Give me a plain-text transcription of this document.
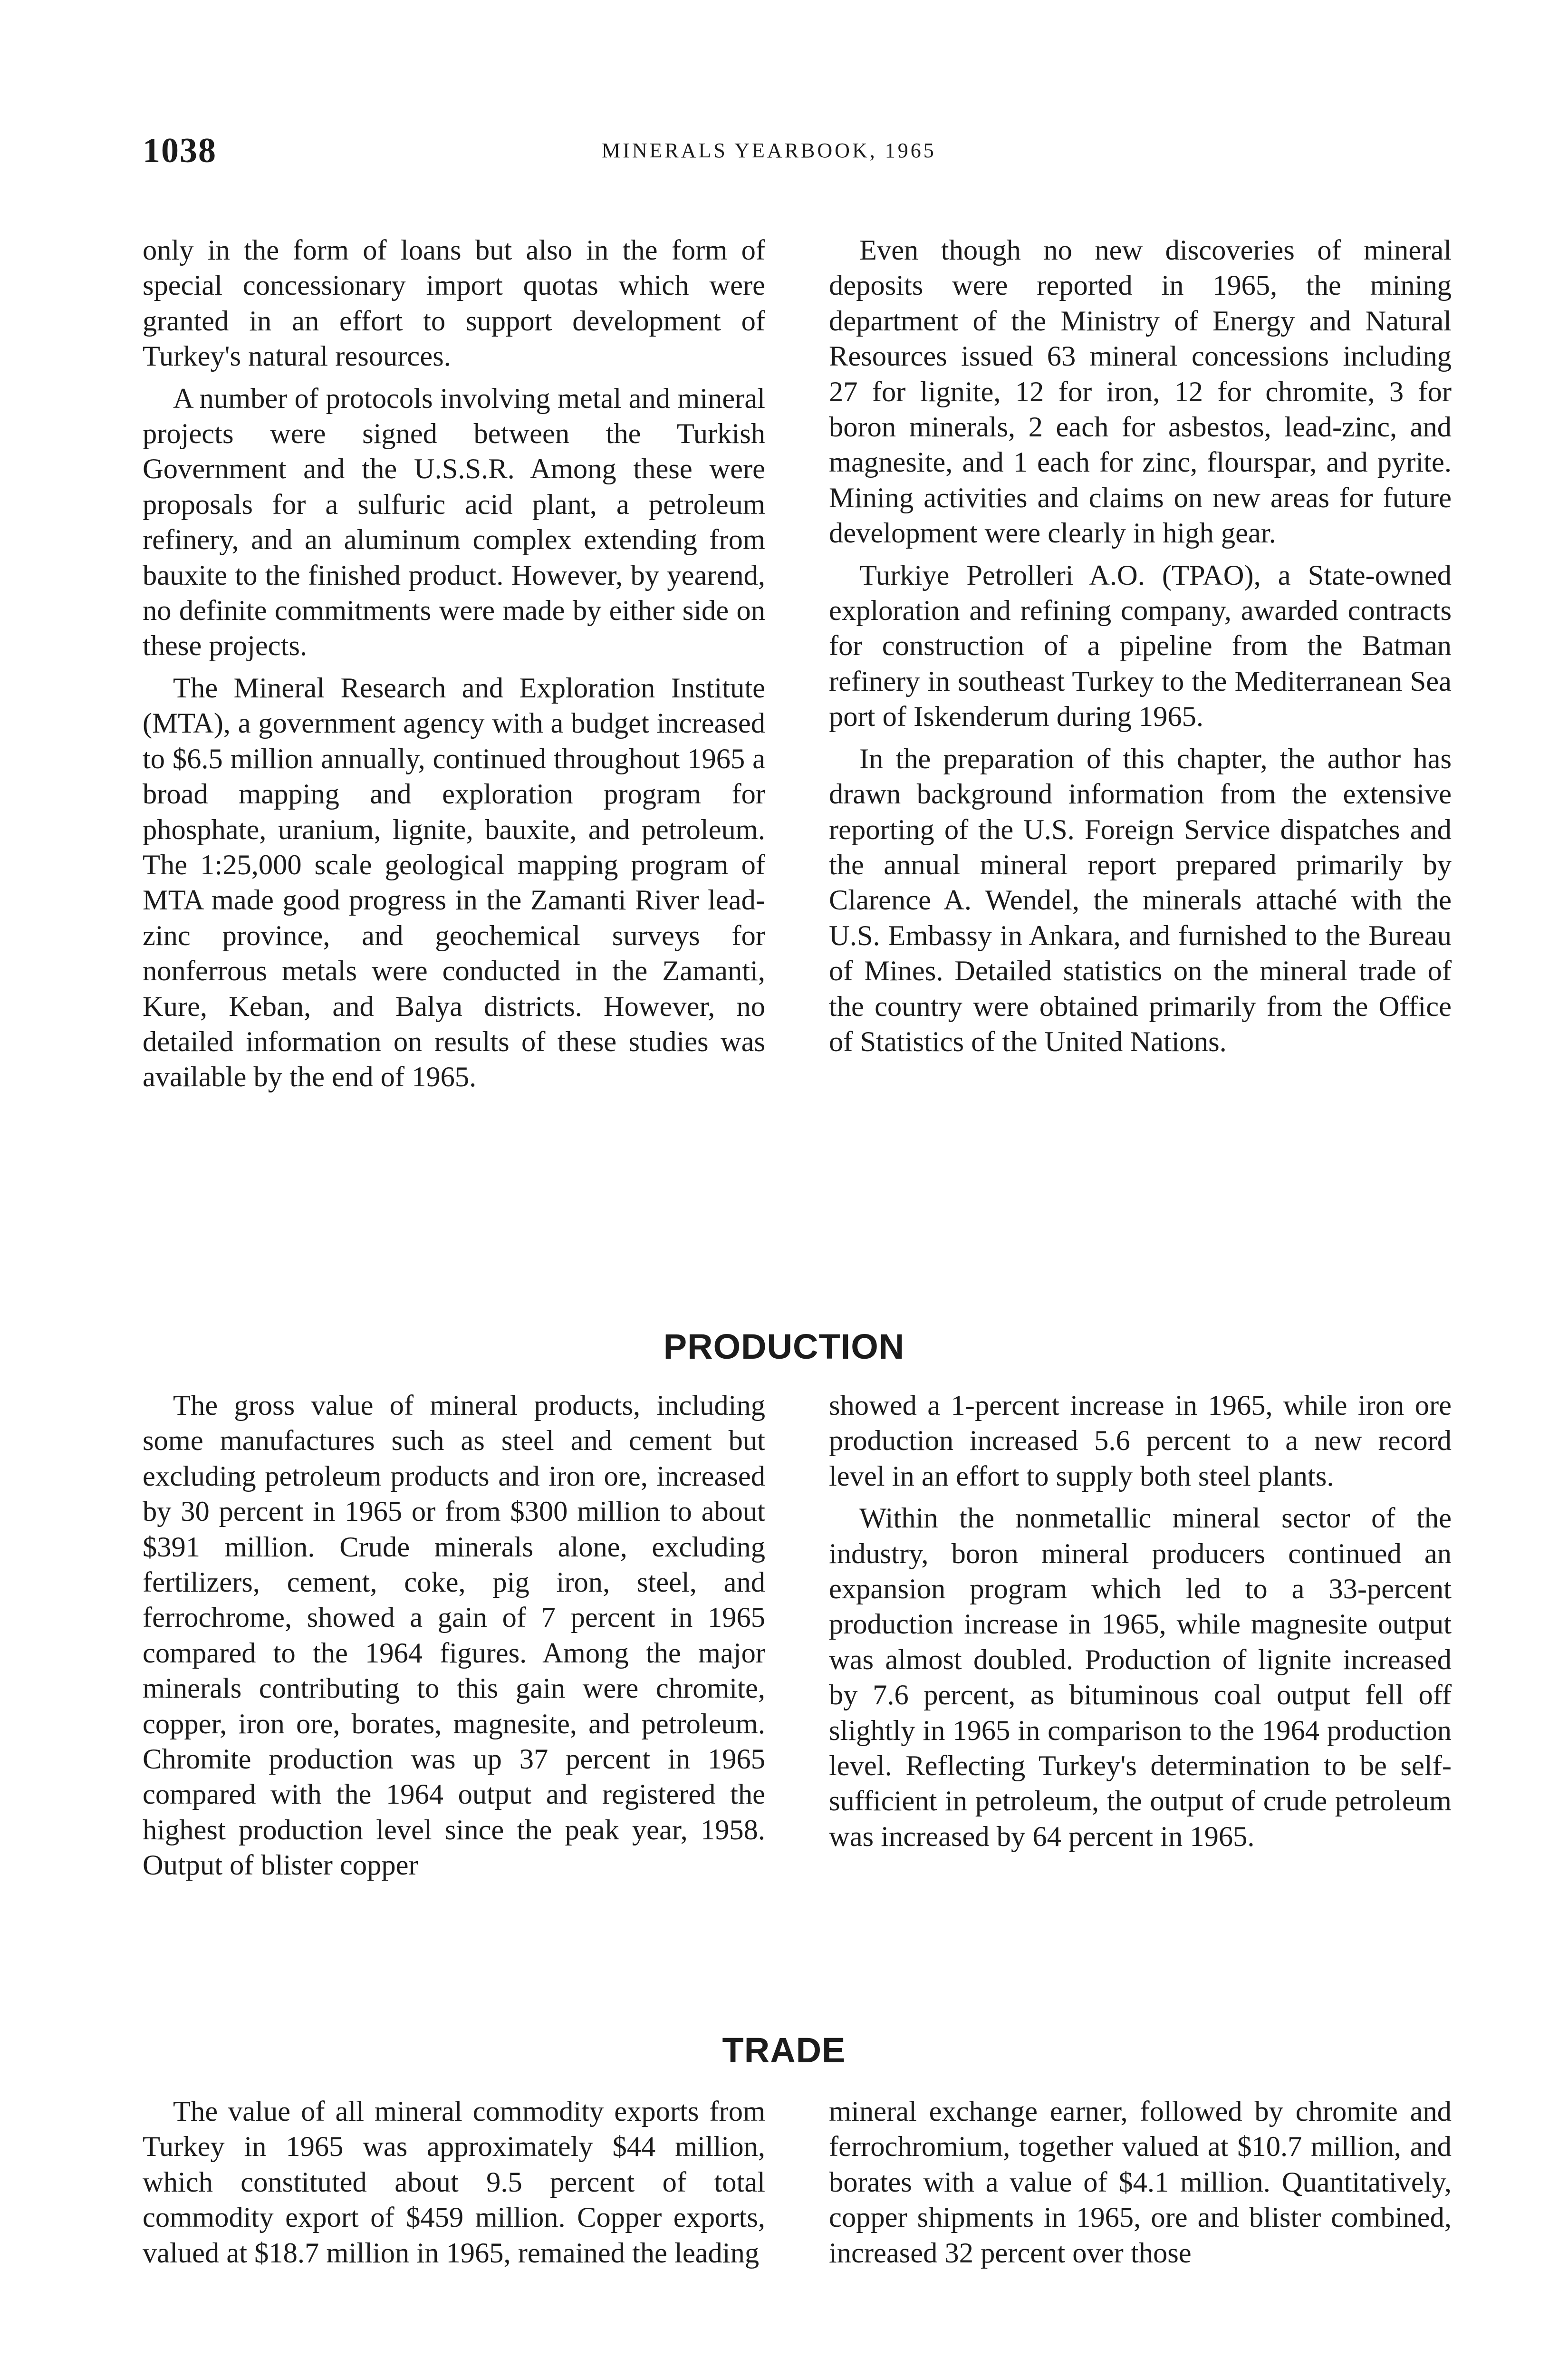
1038	MINERALS YEARBOOK, 1965

only in the form of loans but also in the form of special concessionary import quotas which were granted in an effort to support development of Turkey's natural resources.

A number of protocols involving metal and mineral projects were signed between the Turkish Government and the U.S.S.R. Among these were proposals for a sulfuric acid plant, a petroleum refinery, and an aluminum complex extending from bauxite to the finished product. However, by yearend, no definite commitments were made by either side on these projects.

The Mineral Research and Exploration Institute (MTA), a government agency with a budget increased to $6.5 million annually, continued throughout 1965 a broad mapping and exploration program for phosphate, uranium, lignite, bauxite, and petroleum. The 1:25,000 scale geological mapping program of MTA made good progress in the Zamanti River lead-zinc province, and geochemical surveys for nonferrous metals were conducted in the Zamanti, Kure, Keban, and Balya districts. However, no detailed information on results of these studies was available by the end of 1965.

Even though no new discoveries of mineral deposits were reported in 1965, the mining department of the Ministry of Energy and Natural Resources issued 63 mineral concessions including 27 for lignite, 12 for iron, 12 for chromite, 3 for boron minerals, 2 each for asbestos, lead-zinc, and magnesite, and 1 each for zinc, flourspar, and pyrite. Mining activities and claims on new areas for future development were clearly in high gear.

Turkiye Petrolleri A.O. (TPAO), a State-owned exploration and refining company, awarded contracts for construction of a pipeline from the Batman refinery in southeast Turkey to the Mediterranean Sea port of Iskenderum during 1965.

In the preparation of this chapter, the author has drawn background information from the extensive reporting of the U.S. Foreign Service dispatches and the annual mineral report prepared primarily by Clarence A. Wendel, the minerals attaché with the U.S. Embassy in Ankara, and furnished to the Bureau of Mines. Detailed statistics on the mineral trade of the country were obtained primarily from the Office of Statistics of the United Nations.

PRODUCTION

The gross value of mineral products, including some manufactures such as steel and cement but excluding petroleum products and iron ore, increased by 30 percent in 1965 or from $300 million to about $391 million. Crude minerals alone, excluding fertilizers, cement, coke, pig iron, steel, and ferrochrome, showed a gain of 7 percent in 1965 compared to the 1964 figures. Among the major minerals contributing to this gain were chromite, copper, iron ore, borates, magnesite, and petroleum. Chromite production was up 37 percent in 1965 compared with the 1964 output and registered the highest production level since the peak year, 1958. Output of blister copper

showed a 1-percent increase in 1965, while iron ore production increased 5.6 percent to a new record level in an effort to supply both steel plants.

Within the nonmetallic mineral sector of the industry, boron mineral producers continued an expansion program which led to a 33-percent production increase in 1965, while magnesite output was almost doubled. Production of lignite increased by 7.6 percent, as bituminous coal output fell off slightly in 1965 in comparison to the 1964 production level. Reflecting Turkey's determination to be self-sufficient in petroleum, the output of crude petroleum was increased by 64 percent in 1965.

TRADE

The value of all mineral commodity exports from Turkey in 1965 was approximately $44 million, which constituted about 9.5 percent of total commodity export of $459 million. Copper exports, valued at $18.7 million in 1965, remained the leading

mineral exchange earner, followed by chromite and ferrochromium, together valued at $10.7 million, and borates with a value of $4.1 million. Quantitatively, copper shipments in 1965, ore and blister combined, increased 32 percent over those
